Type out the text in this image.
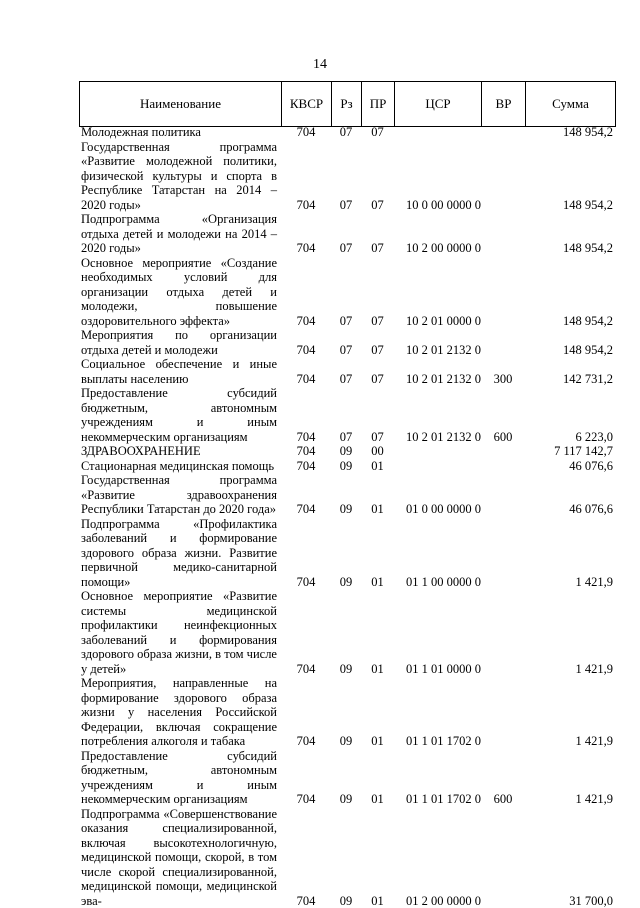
14
Наименование	КВСР	Рз	ПР	ЦСР	ВР	Сумма
Молодежная политика	704	07	07			148 954,2
Государственная программа «Развитие молодежной политики, физической культуры и спорта в Республике Татарстан на 2014 – 2020 годы»	704	07	07	10 0 00 0000 0		148 954,2
Подпрограмма «Организация отдыха детей и молодежи на 2014 – 2020 годы»	704	07	07	10 2 00 0000 0		148 954,2
Основное мероприятие «Создание необходимых условий для организации отдыха детей и молодежи, повышение оздоровительного эффекта»	704	07	07	10 2 01 0000 0		148 954,2
Мероприятия по организации отдыха детей и молодежи	704	07	07	10 2 01 2132 0		148 954,2
Социальное обеспечение и иные выплаты населению	704	07	07	10 2 01 2132 0	300	142 731,2
Предоставление субсидий бюджетным, автономным учреждениям и иным некоммерческим организациям	704	07	07	10 2 01 2132 0	600	6 223,0
ЗДРАВООХРАНЕНИЕ	704	09	00			7 117 142,7
Стационарная медицинская помощь	704	09	01			46 076,6
Государственная программа «Развитие здравоохранения Республики Татарстан до 2020 года»	704	09	01	01 0 00 0000 0		46 076,6
Подпрограмма «Профилактика заболеваний и формирование здорового образа жизни. Развитие первичной медико-санитарной помощи»	704	09	01	01 1 00 0000 0		1 421,9
Основное мероприятие «Развитие системы медицинской профилактики неинфекционных заболеваний и формирования здорового образа жизни, в том числе у детей»	704	09	01	01 1 01 0000 0		1 421,9
Мероприятия, направленные на формирование здорового образа жизни у населения Российской Федерации, включая сокращение потребления алкоголя и табака	704	09	01	01 1 01 1702 0		1 421,9
Предоставление субсидий бюджетным, автономным учреждениям и иным некоммерческим организациям	704	09	01	01 1 01 1702 0	600	1 421,9
Подпрограмма «Совершенствование оказания специализированной, включая высокотехнологичную, медицинской помощи, скорой, в том числе скорой специализированной, медицинской помощи, медицинской эва-	704	09	01	01 2 00 0000 0		31 700,0
